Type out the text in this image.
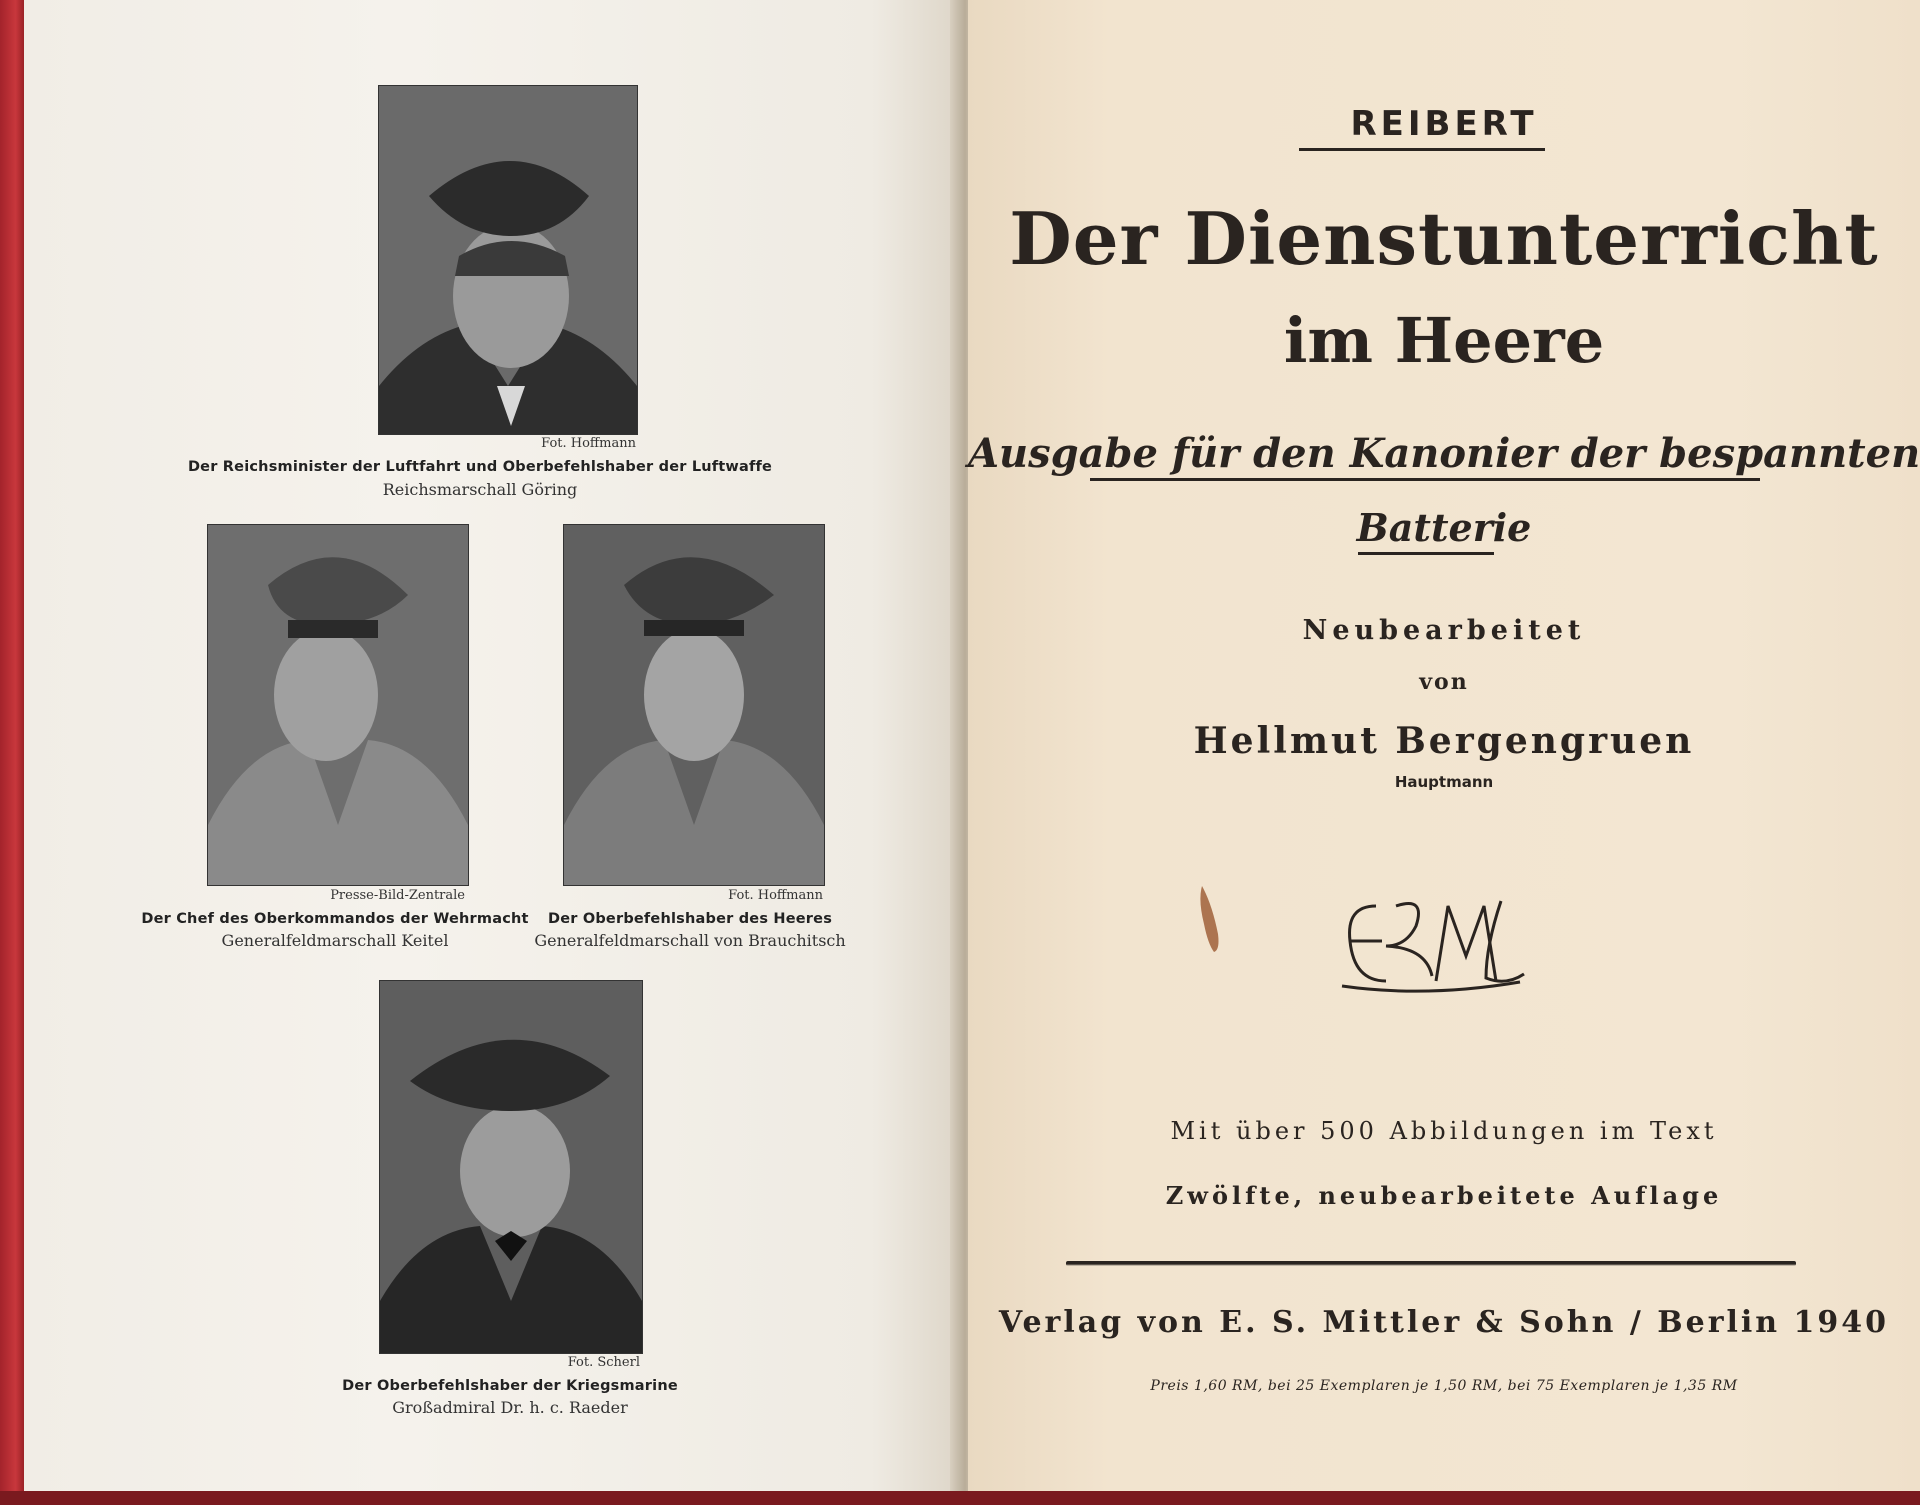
Fot. Hoffmann
Der Reichsminister der Luftfahrt und Oberbefehlshaber der Luftwaffe
Reichsmarschall Göring
Presse-Bild-Zentrale
Der Chef des Oberkommandos der Wehrmacht
Generalfeldmarschall Keitel
Fot. Hoffmann
Der Oberbefehlshaber des Heeres
Generalfeldmarschall von Brauchitsch
Fot. Scherl
Der Oberbefehlshaber der Kriegsmarine
Großadmiral Dr. h. c. Raeder
REIBERT
Der Dienstunterricht
im Heere
Ausgabe für den Kanonier der bespannten
Batterie
Neubearbeitet
von
Hellmut Bergengruen
Hauptmann
Mit über 500 Abbildungen im Text
Zwölfte, neubearbeitete Auflage
Verlag von E. S. Mittler & Sohn / Berlin 1940
Preis 1,60 RM, bei 25 Exemplaren je 1,50 RM, bei 75 Exemplaren je 1,35 RM
